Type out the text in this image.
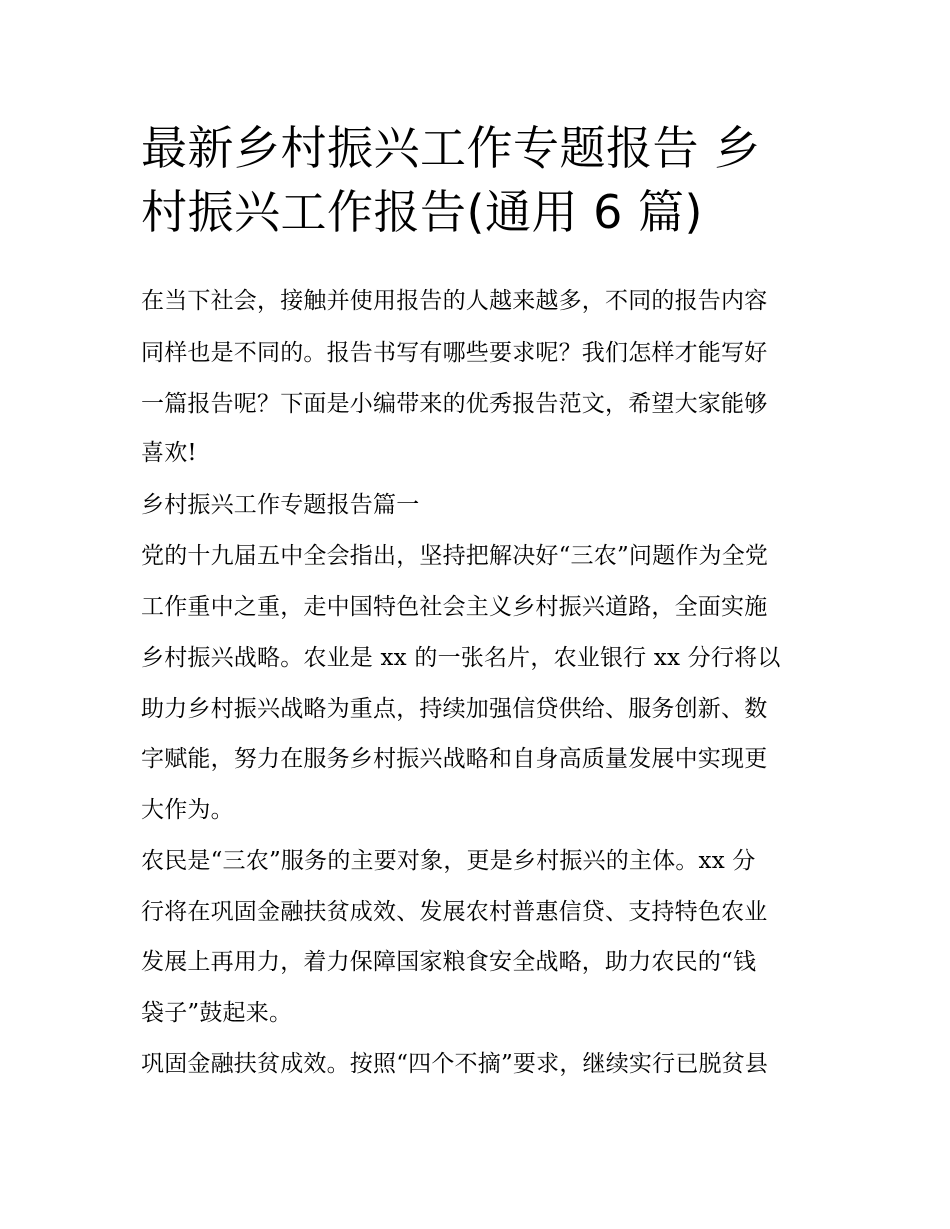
最新乡村振兴工作专题报告 乡
村振兴工作报告(通用 6 篇)

在当下社会，接触并使用报告的人越来越多，不同的报告内容

同样也是不同的。报告书写有哪些要求呢？我们怎样才能写好

一篇报告呢？下面是小编带来的优秀报告范文，希望大家能够

喜欢!

乡村振兴工作专题报告篇一

党的十九届五中全会指出，坚持把解决好“三农”问题作为全党

工作重中之重，走中国特色社会主义乡村振兴道路，全面实施

乡村振兴战略。农业是 xx 的一张名片，农业银行 xx 分行将以

助力乡村振兴战略为重点，持续加强信贷供给、服务创新、数

字赋能，努力在服务乡村振兴战略和自身高质量发展中实现更

大作为。

农民是“三农”服务的主要对象，更是乡村振兴的主体。xx 分

行将在巩固金融扶贫成效、发展农村普惠信贷、支持特色农业

发展上再用力，着力保障国家粮食安全战略，助力农民的“钱

袋子”鼓起来。

巩固金融扶贫成效。按照“四个不摘”要求，继续实行已脱贫县
